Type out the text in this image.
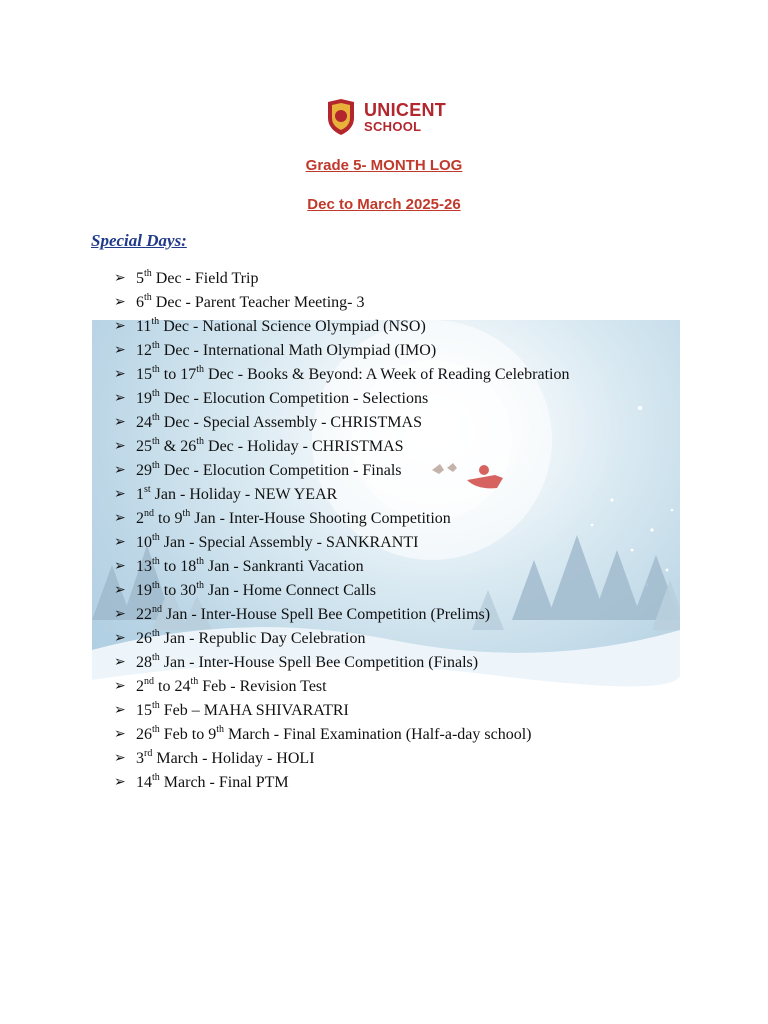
UNICENT
SCHOOL
Grade 5- MONTH LOG
Dec to March 2025-26
Special Days:
➢ 5th Dec - Field Trip
➢ 6th Dec - Parent Teacher Meeting- 3
➢ 11th Dec - National Science Olympiad (NSO)
➢ 12th Dec - International Math Olympiad (IMO)
➢ 15th to 17th Dec - Books & Beyond: A Week of Reading Celebration
➢ 19th Dec - Elocution Competition - Selections
➢ 24th Dec - Special Assembly - CHRISTMAS
➢ 25th & 26th Dec - Holiday - CHRISTMAS
➢ 29th Dec - Elocution Competition - Finals
➢ 1st Jan - Holiday - NEW YEAR
➢ 2nd to 9th Jan - Inter-House Shooting Competition
➢ 10th Jan - Special Assembly - SANKRANTI
➢ 13th to 18th Jan - Sankranti Vacation
➢ 19th to 30th Jan - Home Connect Calls
➢ 22nd Jan - Inter-House Spell Bee Competition (Prelims)
➢ 26th Jan - Republic Day Celebration
➢ 28th Jan - Inter-House Spell Bee Competition (Finals)
➢ 2nd to 24th Feb - Revision Test
➢ 15th Feb – MAHA SHIVARATRI
➢ 26th Feb to 9th March - Final Examination (Half-a-day school)
➢ 3rd March - Holiday - HOLI
➢ 14th March - Final PTM
